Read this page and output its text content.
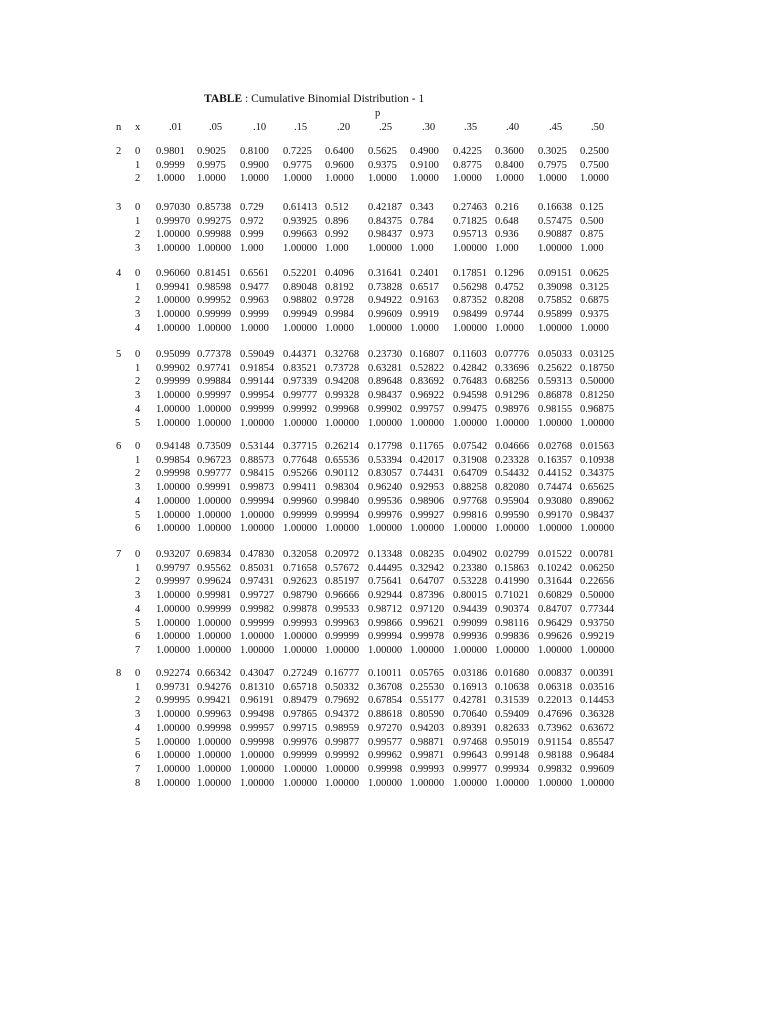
TABLE : Cumulative Binomial Distribution - 1
p
n x	.01	.05	.10	.15	.20	.25	.30	.35	.40	.45	.50
2 0 0.9801 0.9025 0.8100 0.7225 0.6400 0.5625 0.4900 0.4225 0.3600 0.3025 0.2500
1 0.9999 0.9975 0.9900 0.9775 0.9600 0.9375 0.9100 0.8775 0.8400 0.7975 0.7500
2 1.0000 1.0000 1.0000 1.0000 1.0000 1.0000 1.0000 1.0000 1.0000 1.0000 1.0000
3 0 0.97030 0.85738 0.729 0.61413 0.512 0.42187 0.343 0.27463 0.216 0.16638 0.125
1 0.99970 0.99275 0.972 0.93925 0.896 0.84375 0.784 0.71825 0.648 0.57475 0.500
2 1.00000 0.99988 0.999 0.99663 0.992 0.98437 0.973 0.95713 0.936 0.90887 0.875
3 1.00000 1.00000 1.000 1.00000 1.000 1.00000 1.000 1.00000 1.000 1.00000 1.000
4 0 0.96060 0.81451 0.6561 0.52201 0.4096 0.31641 0.2401 0.17851 0.1296 0.09151 0.0625
1 0.99941 0.98598 0.9477 0.89048 0.8192 0.73828 0.6517 0.56298 0.4752 0.39098 0.3125
2 1.00000 0.99952 0.9963 0.98802 0.9728 0.94922 0.9163 0.87352 0.8208 0.75852 0.6875
3 1.00000 0.99999 0.9999 0.99949 0.9984 0.99609 0.9919 0.98499 0.9744 0.95899 0.9375
4 1.00000 1.00000 1.0000 1.00000 1.0000 1.00000 1.0000 1.00000 1.0000 1.00000 1.0000
5 0 0.95099 0.77378 0.59049 0.44371 0.32768 0.23730 0.16807 0.11603 0.07776 0.05033 0.03125
1 0.99902 0.97741 0.91854 0.83521 0.73728 0.63281 0.52822 0.42842 0.33696 0.25622 0.18750
2 0.99999 0.99884 0.99144 0.97339 0.94208 0.89648 0.83692 0.76483 0.68256 0.59313 0.50000
3 1.00000 0.99997 0.99954 0.99777 0.99328 0.98437 0.96922 0.94598 0.91296 0.86878 0.81250
4 1.00000 1.00000 0.99999 0.99992 0.99968 0.99902 0.99757 0.99475 0.98976 0.98155 0.96875
5 1.00000 1.00000 1.00000 1.00000 1.00000 1.00000 1.00000 1.00000 1.00000 1.00000 1.00000
6 0 0.94148 0.73509 0.53144 0.37715 0.26214 0.17798 0.11765 0.07542 0.04666 0.02768 0.01563
1 0.99854 0.96723 0.88573 0.77648 0.65536 0.53394 0.42017 0.31908 0.23328 0.16357 0.10938
2 0.99998 0.99777 0.98415 0.95266 0.90112 0.83057 0.74431 0.64709 0.54432 0.44152 0.34375
3 1.00000 0.99991 0.99873 0.99411 0.98304 0.96240 0.92953 0.88258 0.82080 0.74474 0.65625
4 1.00000 1.00000 0.99994 0.99960 0.99840 0.99536 0.98906 0.97768 0.95904 0.93080 0.89062
5 1.00000 1.00000 1.00000 0.99999 0.99994 0.99976 0.99927 0.99816 0.99590 0.99170 0.98437
6 1.00000 1.00000 1.00000 1.00000 1.00000 1.00000 1.00000 1.00000 1.00000 1.00000 1.00000
7 0 0.93207 0.69834 0.47830 0.32058 0.20972 0.13348 0.08235 0.04902 0.02799 0.01522 0.00781
1 0.99797 0.95562 0.85031 0.71658 0.57672 0.44495 0.32942 0.23380 0.15863 0.10242 0.06250
2 0.99997 0.99624 0.97431 0.92623 0.85197 0.75641 0.64707 0.53228 0.41990 0.31644 0.22656
3 1.00000 0.99981 0.99727 0.98790 0.96666 0.92944 0.87396 0.80015 0.71021 0.60829 0.50000
4 1.00000 0.99999 0.99982 0.99878 0.99533 0.98712 0.97120 0.94439 0.90374 0.84707 0.77344
5 1.00000 1.00000 0.99999 0.99993 0.99963 0.99866 0.99621 0.99099 0.98116 0.96429 0.93750
6 1.00000 1.00000 1.00000 1.00000 0.99999 0.99994 0.99978 0.99936 0.99836 0.99626 0.99219
7 1.00000 1.00000 1.00000 1.00000 1.00000 1.00000 1.00000 1.00000 1.00000 1.00000 1.00000
8 0 0.92274 0.66342 0.43047 0.27249 0.16777 0.10011 0.05765 0.03186 0.01680 0.00837 0.00391
1 0.99731 0.94276 0.81310 0.65718 0.50332 0.36708 0.25530 0.16913 0.10638 0.06318 0.03516
2 0.99995 0.99421 0.96191 0.89479 0.79692 0.67854 0.55177 0.42781 0.31539 0.22013 0.14453
3 1.00000 0.99963 0.99498 0.97865 0.94372 0.88618 0.80590 0.70640 0.59409 0.47696 0.36328
4 1.00000 0.99998 0.99957 0.99715 0.98959 0.97270 0.94203 0.89391 0.82633 0.73962 0.63672
5 1.00000 1.00000 0.99998 0.99976 0.99877 0.99577 0.98871 0.97468 0.95019 0.91154 0.85547
6 1.00000 1.00000 1.00000 0.99999 0.99992 0.99962 0.99871 0.99643 0.99148 0.98188 0.96484
7 1.00000 1.00000 1.00000 1.00000 1.00000 0.99998 0.99993 0.99977 0.99934 0.99832 0.99609
8 1.00000 1.00000 1.00000 1.00000 1.00000 1.00000 1.00000 1.00000 1.00000 1.00000 1.00000
